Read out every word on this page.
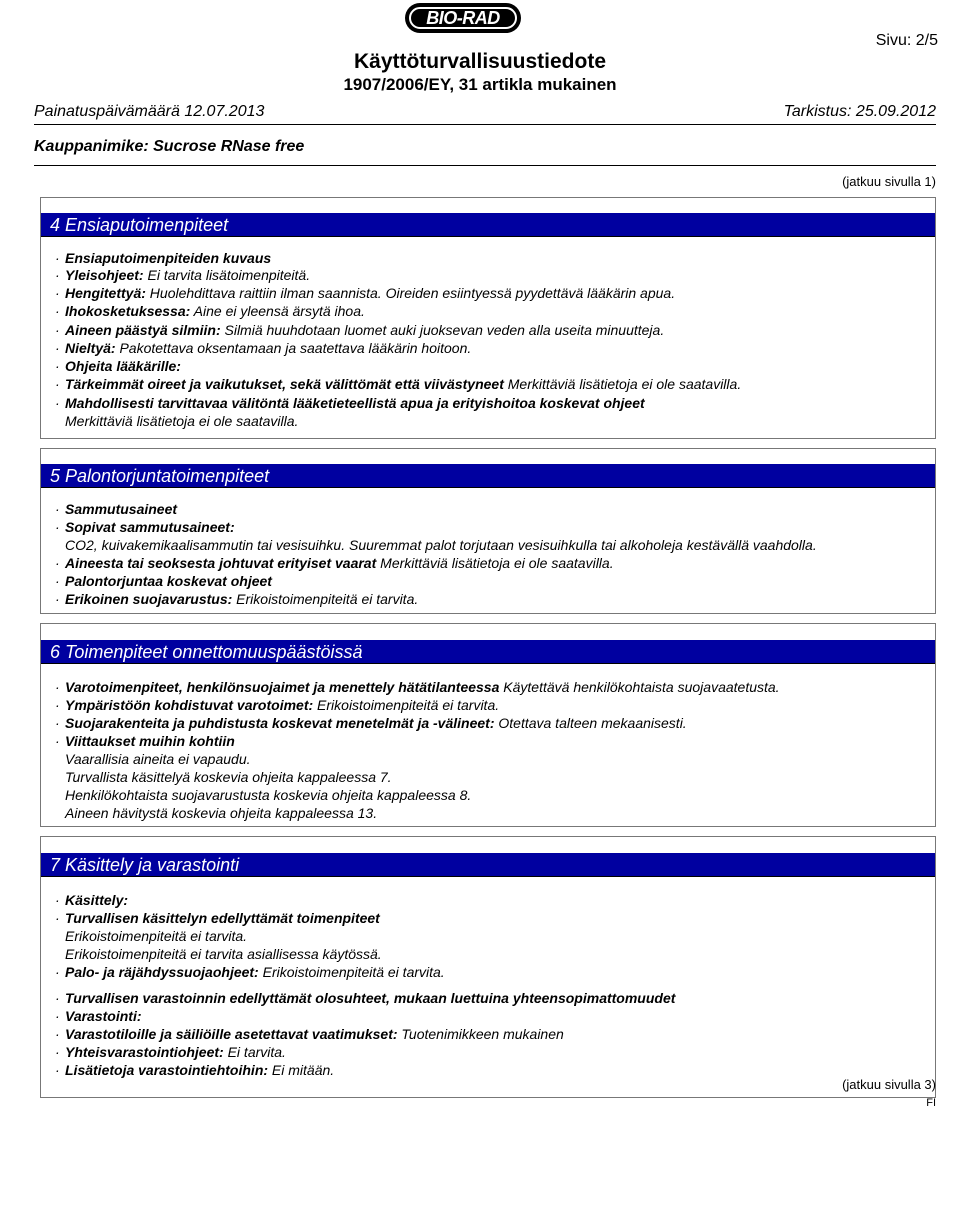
BIO-RAD
Sivu: 2/5
Käyttöturvallisuustiedote
1907/2006/EY, 31 artikla mukainen
Painatuspäivämäärä 12.07.2013	Tarkistus: 25.09.2012
Kauppanimike: Sucrose RNase free
(jatkuu sivulla 1)
4 Ensiaputoimenpiteet
· Ensiaputoimenpiteiden kuvaus
· Yleisohjeet: Ei tarvita lisätoimenpiteitä.
· Hengitettyä: Huolehdittava raittiin ilman saannista. Oireiden esiintyessä pyydettävä lääkärin apua.
· Ihokosketuksessa: Aine ei yleensä ärsytä ihoa.
· Aineen päästyä silmiin: Silmiä huuhdotaan luomet auki juoksevan veden alla useita minuutteja.
· Nieltyä: Pakotettava oksentamaan ja saatettava lääkärin hoitoon.
· Ohjeita lääkärille:
· Tärkeimmät oireet ja vaikutukset, sekä välittömät että viivästyneet Merkittäviä lisätietoja ei ole saatavilla.
· Mahdollisesti tarvittavaa välitöntä lääketieteellistä apua ja erityishoitoa koskevat ohjeet
Merkittäviä lisätietoja ei ole saatavilla.
5 Palontorjuntatoimenpiteet
· Sammutusaineet
· Sopivat sammutusaineet:
CO2, kuivakemikaalisammutin tai vesisuihku. Suuremmat palot torjutaan vesisuihkulla tai alkoholeja kestävällä vaahdolla.
· Aineesta tai seoksesta johtuvat erityiset vaarat Merkittäviä lisätietoja ei ole saatavilla.
· Palontorjuntaa koskevat ohjeet
· Erikoinen suojavarustus: Erikoistoimenpiteitä ei tarvita.
6 Toimenpiteet onnettomuuspäästöissä
· Varotoimenpiteet, henkilönsuojaimet ja menettely hätätilanteessa Käytettävä henkilökohtaista suojavaatetusta.
· Ympäristöön kohdistuvat varotoimet: Erikoistoimenpiteitä ei tarvita.
· Suojarakenteita ja puhdistusta koskevat menetelmät ja -välineet: Otettava talteen mekaanisesti.
· Viittaukset muihin kohtiin
Vaarallisia aineita ei vapaudu.
Turvallista käsittelyä koskevia ohjeita kappaleessa 7.
Henkilökohtaista suojavarustusta koskevia ohjeita kappaleessa 8.
Aineen hävitystä koskevia ohjeita kappaleessa 13.
7 Käsittely ja varastointi
· Käsittely:
· Turvallisen käsittelyn edellyttämät toimenpiteet
Erikoistoimenpiteitä ei tarvita.
Erikoistoimenpiteitä ei tarvita asiallisessa käytössä.
· Palo- ja räjähdyssuojaohjeet: Erikoistoimenpiteitä ei tarvita.
· Turvallisen varastoinnin edellyttämät olosuhteet, mukaan luettuina yhteensopimattomuudet
· Varastointi:
· Varastotiloille ja säiliöille asetettavat vaatimukset: Tuotenimikkeen mukainen
· Yhteisvarastointiohjeet: Ei tarvita.
· Lisätietoja varastointiehtoihin: Ei mitään.
(jatkuu sivulla 3)
FI
